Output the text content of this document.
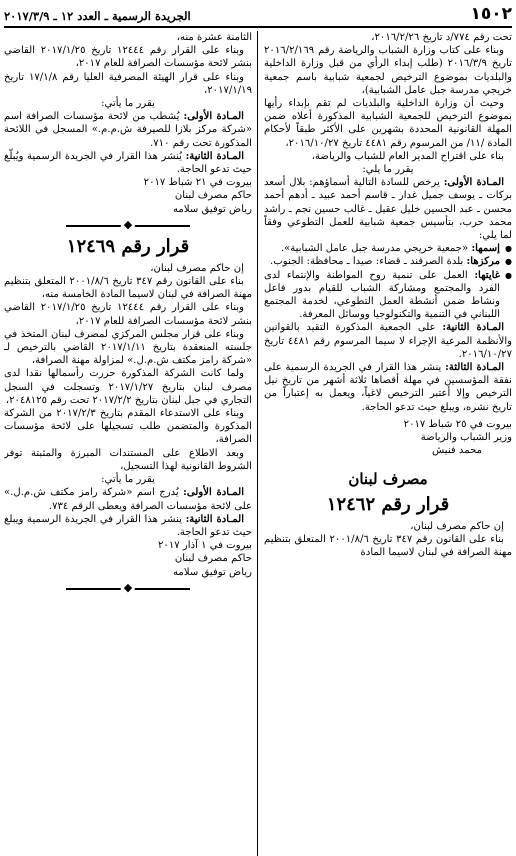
١٥٠٢
الجريدة الرسمية ـ العدد ١٢ ـ ٢٠١٧/٣/٩

تحت رقم ٧٧٤/د تاريخ ٢٠١٦/٢/٢٦،

وبناء على كتاب وزارة الشباب والرياضة رقم ٢٠١٦/٢/١٦٩ تاريخ ٢٠١٦/٣/٩ (طلب إبداء الرأي من قبل وزارة الداخلية والبلديات بموضوع الترخيص لجمعية شبابية باسم جمعية خريجي مدرسة جبل عامل الشبابية)،

وحيث أن وزارة الداخلية والبلديات لم تقم بإبداء رأيها بموضوع الترخيص للجمعية الشبابية المذكورة أعلاه ضمن المهلة القانونية المحددة بشهرين على الأكثر طبقاً لأحكام المادة /١١/ من المرسوم رقم ٤٤٨١ تاريخ ٢٠١٦/١٠/٢٧،

بناء على اقتراح المدير العام للشباب والرياضة،

يقرر ما يلي:

المـادة الأولى: يرخص للسادة التالية أسماؤهم: بلال أسعد بركات ـ يوسف جميل غدار ـ قاسم أحمد عبيد ـ أدهم أحمد محسن ـ عبد الحسين خليل عقيل ـ غالب حسين نجم ـ راشد محمد حرب، بتأسيس جمعية شبابية للعمل التطوعي وفقاً لما يلي:

● إسمها: «جمعية خريجي مدرسة جبل عامل الشبابية».

● مركزها: بلدة الصرفند ـ قضاء: صيدا ـ محافظة: الجنوب.

● غايتها: العمل على تنمية روح المواطنة والإنتماء لدى الفرد والمجتمع ومشاركة الشباب للقيام بدور فاعل ونشاط ضمن أنشطة العمل التطوعي، لخدمة المجتمع اللبناني في التنمية والتكنولوجيا ووسائل المعرفة.

المـادة الثانية: على الجمعية المذكورة التقيد بالقوانين والأنظمة المرعية الإجراء لا سيما المرسوم رقم ٤٤٨١ تاريخ ٢٠١٦/١٠/٢٧.

المـادة الثالثة: ينشر هذا القرار في الجريدة الرسمية على نفقة المؤسسين في مهلة أقصاها ثلاثة أشهر من تاريخ نيل الترخيص وإلا أعتبر الترخيص لاغياً، ويعمل به إعتباراً من تاريخ نشره، ويبلغ حيث تدعو الحاجة.

بيروت في ٢٥ شباط ٢٠١٧

وزير الشباب والرياضة

محمد فنيش

مصرف لبنان
قرار رقم ١٢٤٦٢

إن حاكم مصرف لبنان،

بناء على القانون رقم ٣٤٧ تاريخ ٢٠٠١/٨/٦ المتعلق بتنظيم مهنة الصرافة في لبنان لاسيما المادة

الثامنة عشرة منه،

وبناء على القرار رقم ١٢٤٤٤ تاريخ ٢٠١٧/١/٢٥ القاضي بنشر لائحة مؤسسات الصرافة للعام ٢٠١٧،

وبناء على قرار الهيئة المصرفية العليا رقم ١٧/١/٨ تاريخ ٢٠١٧/١/١٩،

يقرر ما يأتي:

المـادة الأولى: يُشطب من لائحة مؤسسات الصرافة اسم «شركة مركز بلازا للصيرفة ش.م.م.» المسجل في اللائحة المذكورة تحت رقم ٧١٠.

المـادة الثانية: يُنشر هذا القرار في الجريدة الرسمية ويُبلّغ حيث تدعو الحاجة.

بيروت في ٢١ شباط ٢٠١٧

حاكم مصرف لبنان

رياض توفيق سلامه

◆
قرار رقم ١٢٤٦٩

إن حاكم مصرف لبنان،

بناء على القانون رقم ٣٤٧ تاريخ ٢٠٠١/٨/٦ المتعلق بتنظيم مهنة الصرافة في لبنان لاسيما المادة الخامسة منه،

وبناء على القرار رقم ١٢٤٤٤ تاريخ ٢٠١٧/١/٢٥ القاضي بنشر لائحة مؤسسات الصرافة للعام ٢٠١٧،

وبناء على قرار مجلس المركزي لمصرف لبنان المتخذ في جلسته المنعقدة بتاريخ ٢٠١٧/١/١١ القاضي بالترخيص لـ «شركة رامز مكتف ش.م.ل.» لمزاولة مهنة الصرافة،

ولما كانت الشركة المذكورة حررت رأسمالها نقدا لدى مصرف لبنان بتاريخ ٢٠١٧/١/٢٧ وتسجلت في السجل التجاري في جبل لبنان بتاريخ ٢٠١٧/٢/٢ تحت رقم ٢٠٤٨١٢٥،

وبناء على الاستدعاء المقدم بتاريخ ٢٠١٧/٢/٣ من الشركة المذكورة والمتضمن طلب تسجيلها على لائحة مؤسسات الصرافة،

وبعد الاطلاع على المستندات المبرزة والمثبتة توفر الشروط القانونية لهذا التسجيل،

يقرر ما يأتي:

المـادة الأولى: يُدرج اسم «شركة رامز مكتف ش.م.ل.» على لائحة مؤسسات الصرافة ويعطى الرقم ٧٣٤.

المـادة الثانية: ينشر هذا القرار في الجريدة الرسمية ويبلغ حيث تدعو الحاجة.

بيروت في ١ آذار ٢٠١٧

حاكم مصرف لبنان

رياض توفيق سلامه

◆
